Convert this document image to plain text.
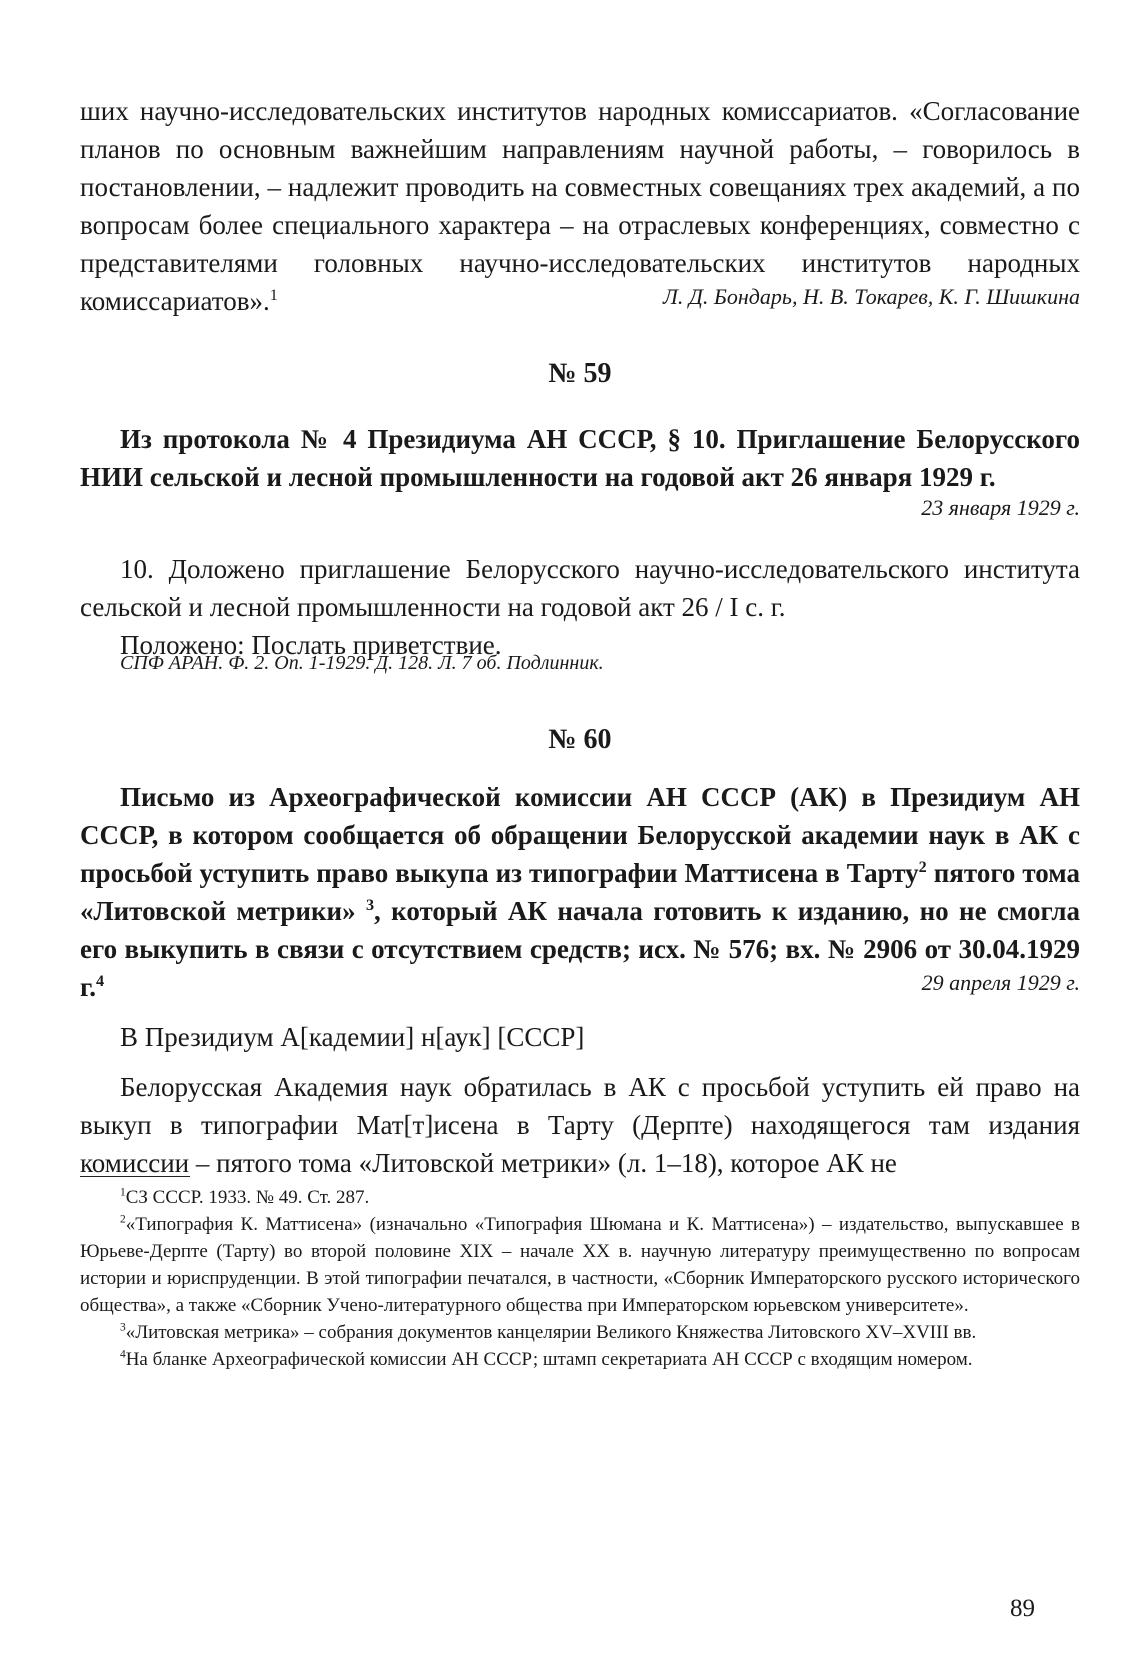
ших научно-исследовательских институтов народных комиссариатов. «Согласование планов по основным важнейшим направлениям научной работы, – говорилось в постановлении, – надлежит проводить на совместных совещаниях трех академий, а по вопросам более специального характера – на отраслевых конференциях, совместно с представителями головных научно-исследовательских институтов народных комиссариатов».$^1$	Л. Д. Бондарь, Н. В. Токарев, К. Г. Шишкина

№ 59

Из протокола № 4 Президиума АН СССР, § 10. Приглашение Белорусского НИИ сельской и лесной промышленности на годовой акт 26 января 1929 г.

23 января 1929 г.

10. Доложено приглашение Белорусского научно-исследовательского института сельской и лесной промышленности на годовой акт 26 / I с. г.

Положено: Послать приветствие.

СПФ АРАН. Ф. 2. Оп. 1-1929. Д. 128. Л. 7 об. Подлинник.

№ 60

Письмо из Археографической комиссии АН СССР (АК) в Президиум АН СССР, в котором сообщается об обращении Белорусской академии наук в АК с просьбой уступить право выкупа из типографии Маттисена в Тарту$^2$ пятого тома «Литовской метрики» $^3$, который АК начала готовить к изданию, но не смогла его выкупить в связи с отсутствием средств; исх. № 576; вх. № 2906 от 30.04.1929 г.$^4$	29 апреля 1929 г.

В Президиум А[кадемии] н[аук] [СССР]

Белорусская Академия наук обратилась в АК с просьбой уступить ей право на выкуп в типографии Мат[т]исена в Тарту (Дерпте) находящегося там издания комиссии – пятого тома «Литовской метрики» (л. 1–18), которое АК не

$^1$СЗ СССР. 1933. № 49. Ст. 287.

$^2$«Типография К. Маттисена» (изначально «Типография Шюмана и К. Маттисена») – издательство, выпускавшее в Юрьеве-Дерпте (Тарту) во второй половине XIX – начале XX в. научную литературу преимущественно по вопросам истории и юриспруденции. В этой типографии печатался, в частности, «Сборник Императорского русского исторического общества», а также «Сборник Учено-литературного общества при Императорском юрьевском университете».

$^3$«Литовская метрика» – собрания документов канцелярии Великого Княжества Литовского XV–XVIII вв.

$^4$На бланке Археографической комиссии АН СССР; штамп секретариата АН СССР с входящим номером.

89
